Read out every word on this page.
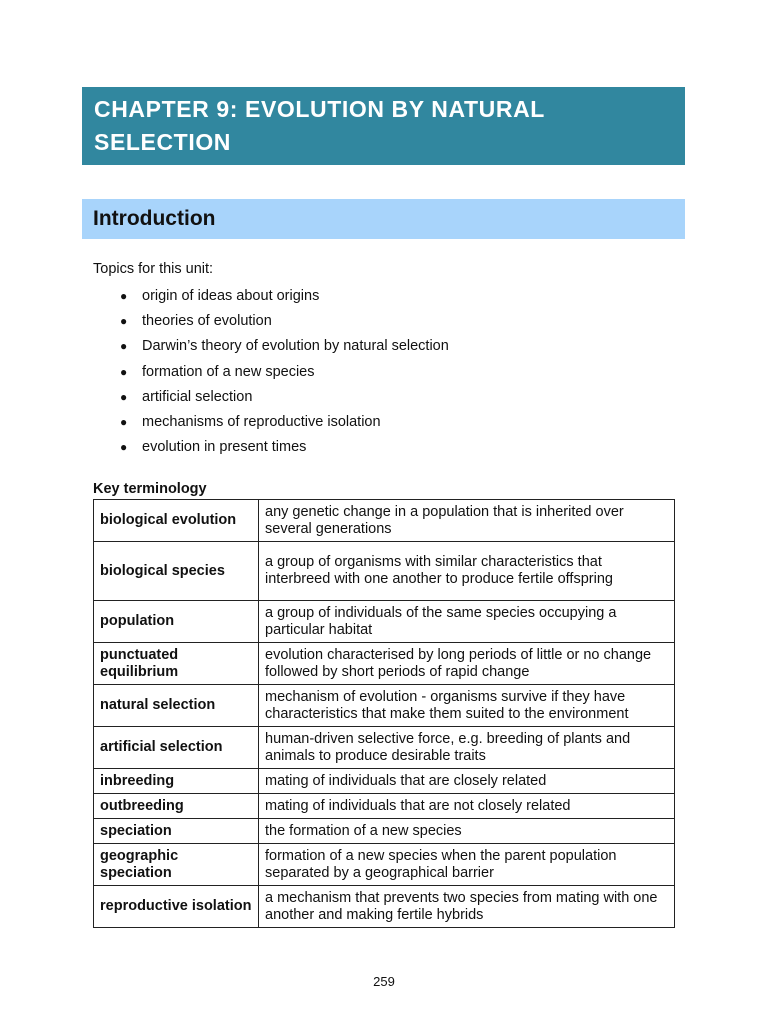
CHAPTER 9: EVOLUTION BY NATURAL SELECTION
Introduction

Topics for this unit:

● origin of ideas about origins
● theories of evolution
● Darwin’s theory of evolution by natural selection
● formation of a new species
● artificial selection
● mechanisms of reproductive isolation
● evolution in present times

Key terminology

biological evolution	any genetic change in a population that is inherited over several generations
biological species	a group of organisms with similar characteristics that interbreed with one another to produce fertile offspring
population	a group of individuals of the same species occupying a particular habitat
punctuated equilibrium	evolution characterised by long periods of little or no change followed by short periods of rapid change
natural selection	mechanism of evolution - organisms survive if they have characteristics that make them suited to the environment
artificial selection	human-driven selective force, e.g. breeding of plants and animals to produce desirable traits
inbreeding	mating of individuals that are closely related
outbreeding	mating of individuals that are not closely related
speciation	the formation of a new species
geographic speciation	formation of a new species when the parent population separated by a geographical barrier
reproductive isolation	a mechanism that prevents two species from mating with one another and making fertile hybrids
259
